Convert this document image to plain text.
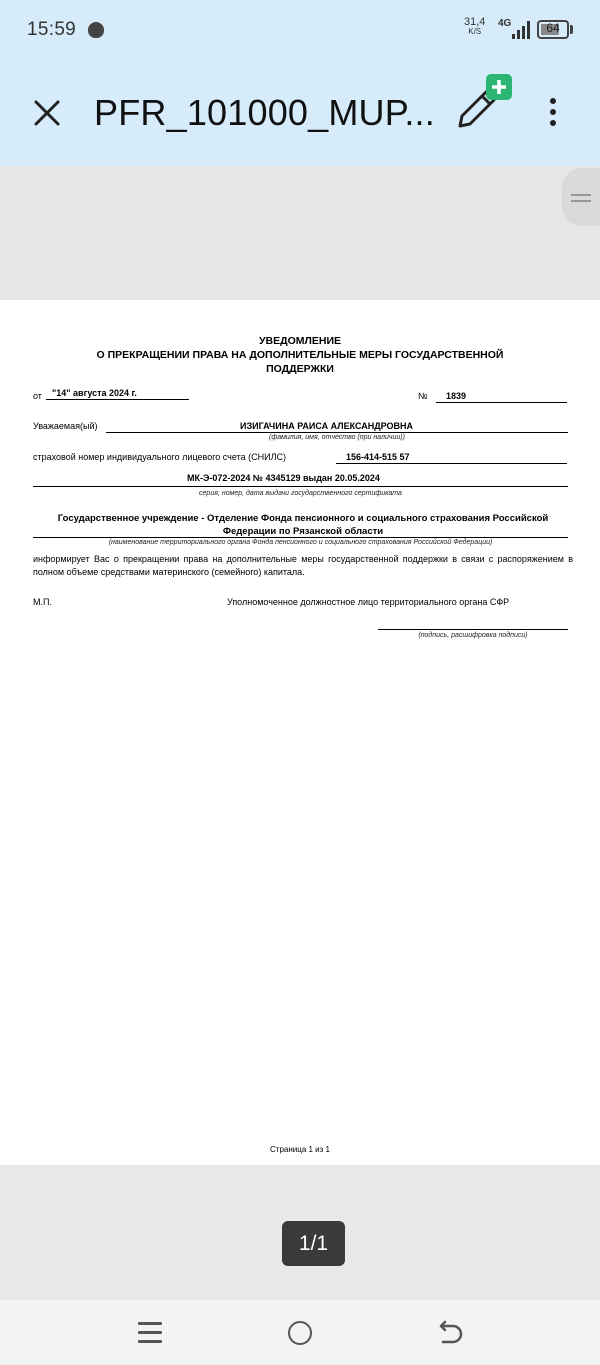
15:59	31,4
K/S
4G	64
PFR_101000_MUP...
УВЕДОМЛЕНИЕ
О ПРЕКРАЩЕНИИ ПРАВА НА ДОПОЛНИТЕЛЬНЫЕ МЕРЫ ГОСУДАРСТВЕННОЙ
ПОДДЕРЖКИ
от "14" августа 2024 г.	№ 1839
Уважаемая(ый)	ИЗИГАЧИНА РАИСА АЛЕКСАНДРОВНА
(фамилия, имя, отчество (при наличии))
страховой номер индивидуального лицевого счета (СНИЛС)	156-414-515 57
МК-Э-072-2024 № 4345129 выдан 20.05.2024
серия, номер, дата выдачи государственного сертификата
Государственное учреждение - Отделение Фонда пенсионного и социального страхования Российской Федерации по Рязанской области
(наименование территориального органа Фонда пенсионного и социального страхования Российской Федерации)
информирует Вас о прекращении права на дополнительные меры государственной поддержки в связи с распоряжением в полном объеме средствами материнского (семейного) капитала.
М.П.	Уполномоченное должностное лицо территориального органа СФР
(подпись, расшифровка подписи)
Страница 1 из 1
1/1
